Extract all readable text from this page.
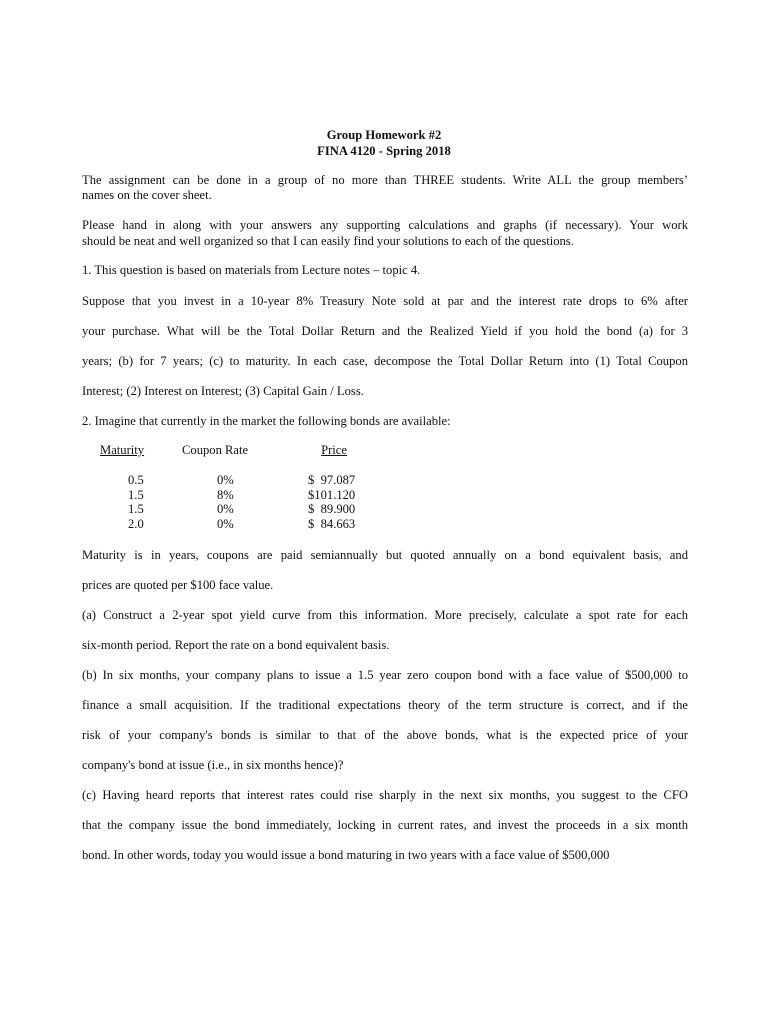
Group Homework #2
FINA 4120 - Spring 2018
The assignment can be done in a group of no more than THREE students. Write ALL the group members’
names on the cover sheet.
Please hand in along with your answers any supporting calculations and graphs (if necessary). Your work
should be neat and well organized so that I can easily find your solutions to each of the questions.
1. This question is based on materials from Lecture notes – topic 4.
Suppose that you invest in a 10-year 8% Treasury Note sold at par and the interest rate drops to 6% after
your purchase. What will be the Total Dollar Return and the Realized Yield if you hold the bond (a) for 3
years; (b) for 7 years; (c) to maturity. In each case, decompose the Total Dollar Return into (1) Total Coupon
Interest; (2) Interest on Interest; (3) Capital Gain / Loss.
2. Imagine that currently in the market the following bonds are available:
Maturity	Coupon Rate	Price
0.5	0%	$  97.087
1.5	8%	$101.120
1.5	0%	$  89.900
2.0	0%	$  84.663
Maturity is in years, coupons are paid semiannually but quoted annually on a bond equivalent basis, and
prices are quoted per $100 face value.
(a) Construct a 2-year spot yield curve from this information. More precisely, calculate a spot rate for each
six-month period. Report the rate on a bond equivalent basis.
(b) In six months, your company plans to issue a 1.5 year zero coupon bond with a face value of $500,000 to
finance a small acquisition. If the traditional expectations theory of the term structure is correct, and if the
risk of your company's bonds is similar to that of the above bonds, what is the expected price of your
company's bond at issue (i.e., in six months hence)?
(c) Having heard reports that interest rates could rise sharply in the next six months, you suggest to the CFO
that the company issue the bond immediately, locking in current rates, and invest the proceeds in a six month
bond. In other words, today you would issue a bond maturing in two years with a face value of $500,000
